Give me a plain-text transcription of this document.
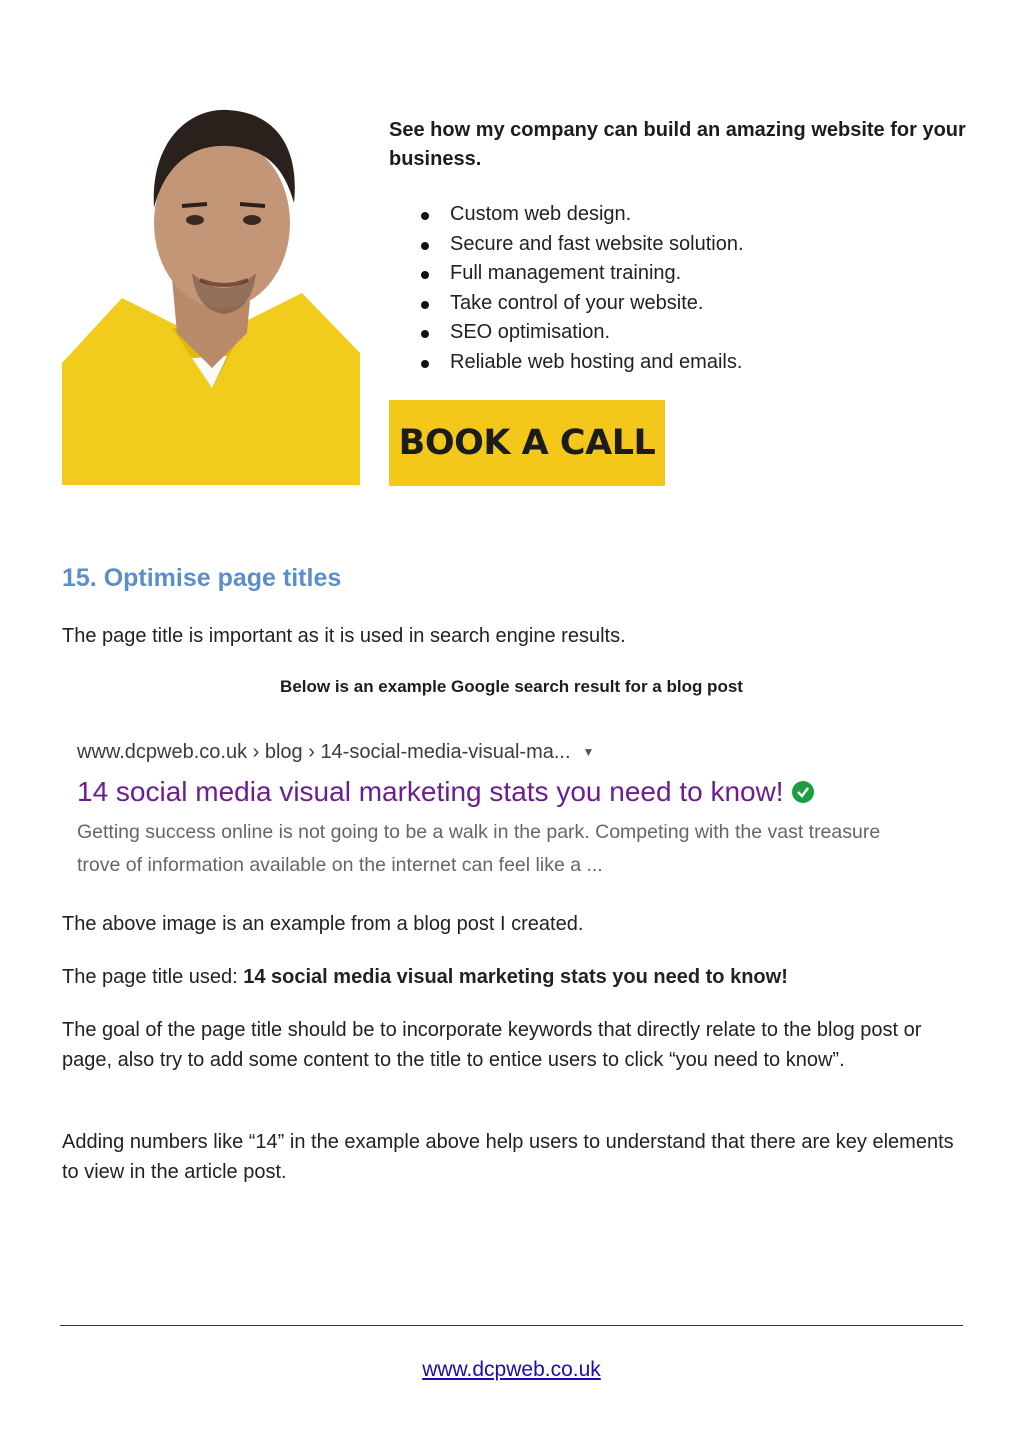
See how my company can build an amazing website for your business.

Custom web design.
Secure and fast website solution.
Full management training.
Take control of your website.
SEO optimisation.
Reliable web hosting and emails.
BOOK A CALL
15. Optimise page titles

The page title is important as it is used in search engine results.

Below is an example Google search result for a blog post

www.dcpweb.co.uk › blog › 14-social-media-visual-ma... ▼
14 social media visual marketing stats you need to know!
Getting success online is not going to be a walk in the park. Competing with the vast treasure
trove of information available on the internet can feel like a ...

The above image is an example from a blog post I created.

The page title used: 14 social media visual marketing stats you need to know!

The goal of the page title should be to incorporate keywords that directly relate to the blog post or page, also try to add some content to the title to entice users to click “you need to know”.

Adding numbers like “14” in the example above help users to understand that there are key elements to view in the article post.

www.dcpweb.co.uk
